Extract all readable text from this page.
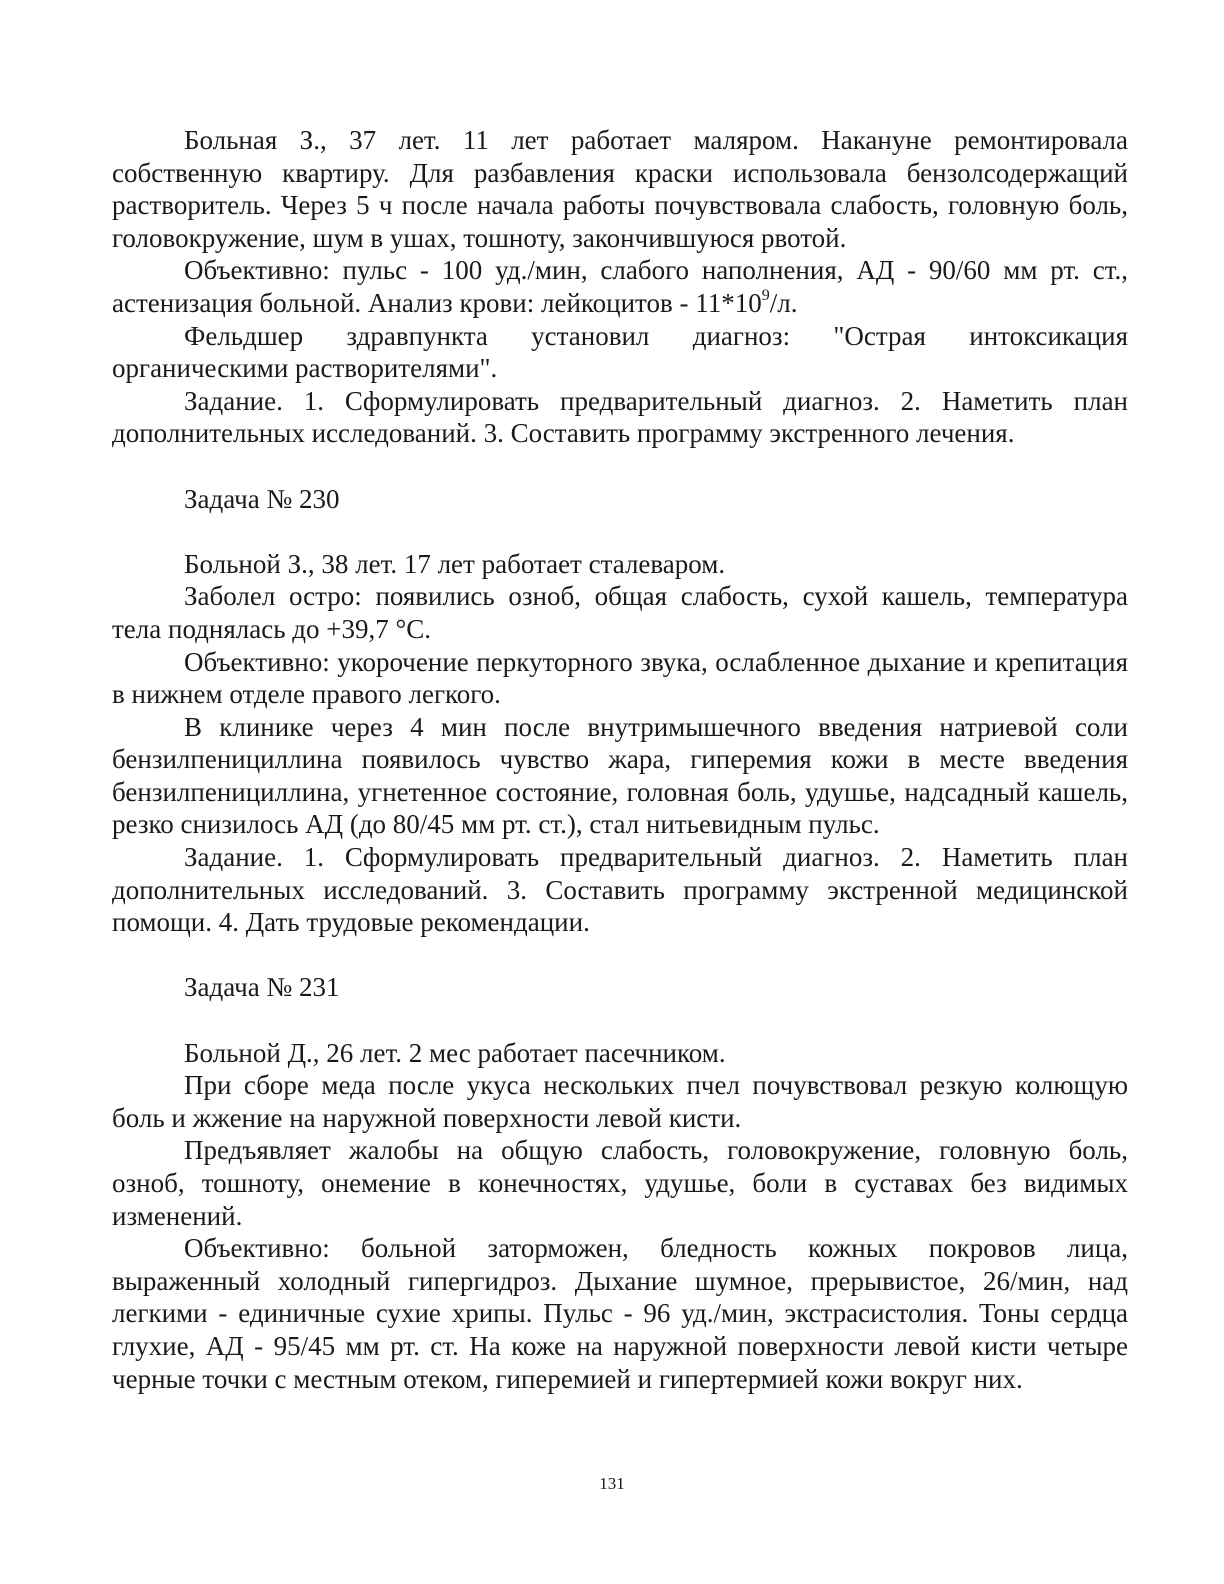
Больная З., 37 лет. 11 лет работает маляром. Накануне ремонтировала собственную квартиру. Для разбавления краски использовала бензолсодержащий растворитель. Через 5 ч после начала работы почувствовала слабость, головную боль, головокружение, шум в ушах, тошноту, закончившуюся рвотой.

Объективно: пульс - 100 уд./мин, слабого наполнения, АД - 90/60 мм рт. ст., астенизация больной. Анализ крови: лейкоцитов - $11*10^9/л$.

Фельдшер здравпункта установил диагноз: "Острая интоксикация органическими растворителями".

Задание. 1. Сформулировать предварительный диагноз. 2. Наметить план дополнительных исследований. 3. Составить программу экстренного лечения.

Задача № 230

Больной З., 38 лет. 17 лет работает сталеваром.

Заболел остро: появились озноб, общая слабость, сухой кашель, температура тела поднялась до +39,7 °С.

Объективно: укорочение перкуторного звука, ослабленное дыхание и крепитация в нижнем отделе правого легкого.

В клинике через 4 мин после внутримышечного введения натриевой соли бензилпенициллина появилось чувство жара, гиперемия кожи в месте введения бензилпенициллина, угнетенное состояние, головная боль, удушье, надсадный кашель, резко снизилось АД (до 80/45 мм рт. ст.), стал нитьевидным пульс.

Задание. 1. Сформулировать предварительный диагноз. 2. Наметить план дополнительных исследований. 3. Составить программу экстренной медицинской помощи. 4. Дать трудовые рекомендации.

Задача № 231

Больной Д., 26 лет. 2 мес работает пасечником.

При сборе меда после укуса нескольких пчел почувствовал резкую колющую боль и жжение на наружной поверхности левой кисти.

Предъявляет жалобы на общую слабость, головокружение, головную боль, озноб, тошноту, онемение в конечностях, удушье, боли в суставах без видимых изменений.

Объективно: больной заторможен, бледность кожных покровов лица, выраженный холодный гипергидроз. Дыхание шумное, прерывистое, 26/мин, над легкими - единичные сухие хрипы. Пульс - 96 уд./мин, экстрасистолия. Тоны сердца глухие, АД - 95/45 мм рт. ст. На коже на наружной поверхности левой кисти четыре черные точки с местным отеком, гиперемией и гипертермией кожи вокруг них.

131
